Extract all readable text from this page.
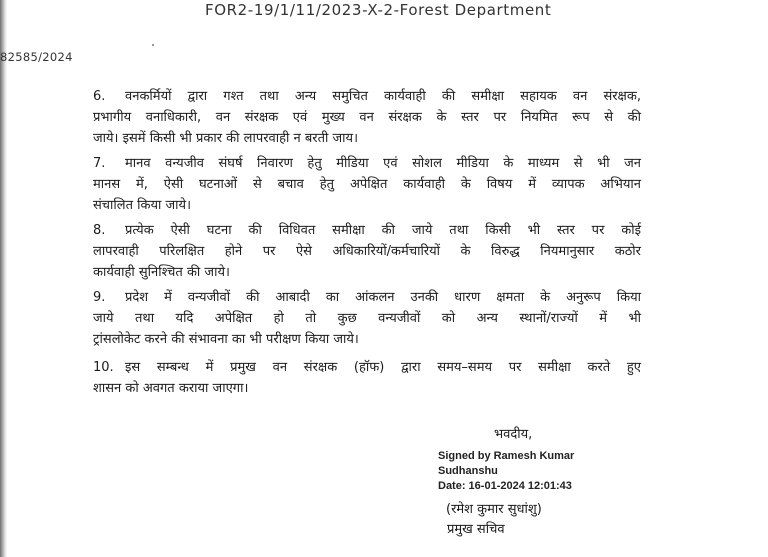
FOR2-19/1/11/2023-X-2-Forest Department
82585/2024
6. वनकर्मियों द्वारा गश्त तथा अन्य समुचित कार्यवाही की समीक्षा सहायक वन संरक्षक,
प्रभागीय वनाधिकारी, वन संरक्षक एवं मुख्य वन संरक्षक के स्तर पर नियमित रूप से की
जाये। इसमें किसी भी प्रकार की लापरवाही न बरती जाय।
7. मानव वन्यजीव संघर्ष निवारण हेतु मीडिया एवं सोशल मीडिया के माध्यम से भी जन
मानस में, ऐसी घटनाओं से बचाव हेतु अपेक्षित कार्यवाही के विषय में व्यापक अभियान
संचालित किया जाये।
8. प्रत्येक ऐसी घटना की विधिवत समीक्षा की जाये तथा किसी भी स्तर पर कोई
लापरवाही परिलक्षित होने पर ऐसे अधिकारियों/कर्मचारियों के विरुद्ध नियमानुसार कठोर
कार्यवाही सुनिश्चित की जाये।
9. प्रदेश में वन्यजीवों की आबादी का आंकलन उनकी धारण क्षमता के अनुरूप किया
जाये तथा यदि अपेक्षित हो तो कुछ वन्यजीवों को अन्य स्थानों/राज्यों में भी
ट्रांसलोकेट करने की संभावना का भी परीक्षण किया जाये।
10. इस सम्बन्ध में प्रमुख वन संरक्षक (हॉफ) द्वारा समय–समय पर समीक्षा करते हुए
शासन को अवगत कराया जाएगा।
भवदीय,
Signed by Ramesh Kumar
Sudhanshu
Date: 16-01-2024 12:01:43
(रमेश कुमार सुधांशु)
प्रमुख सचिव
